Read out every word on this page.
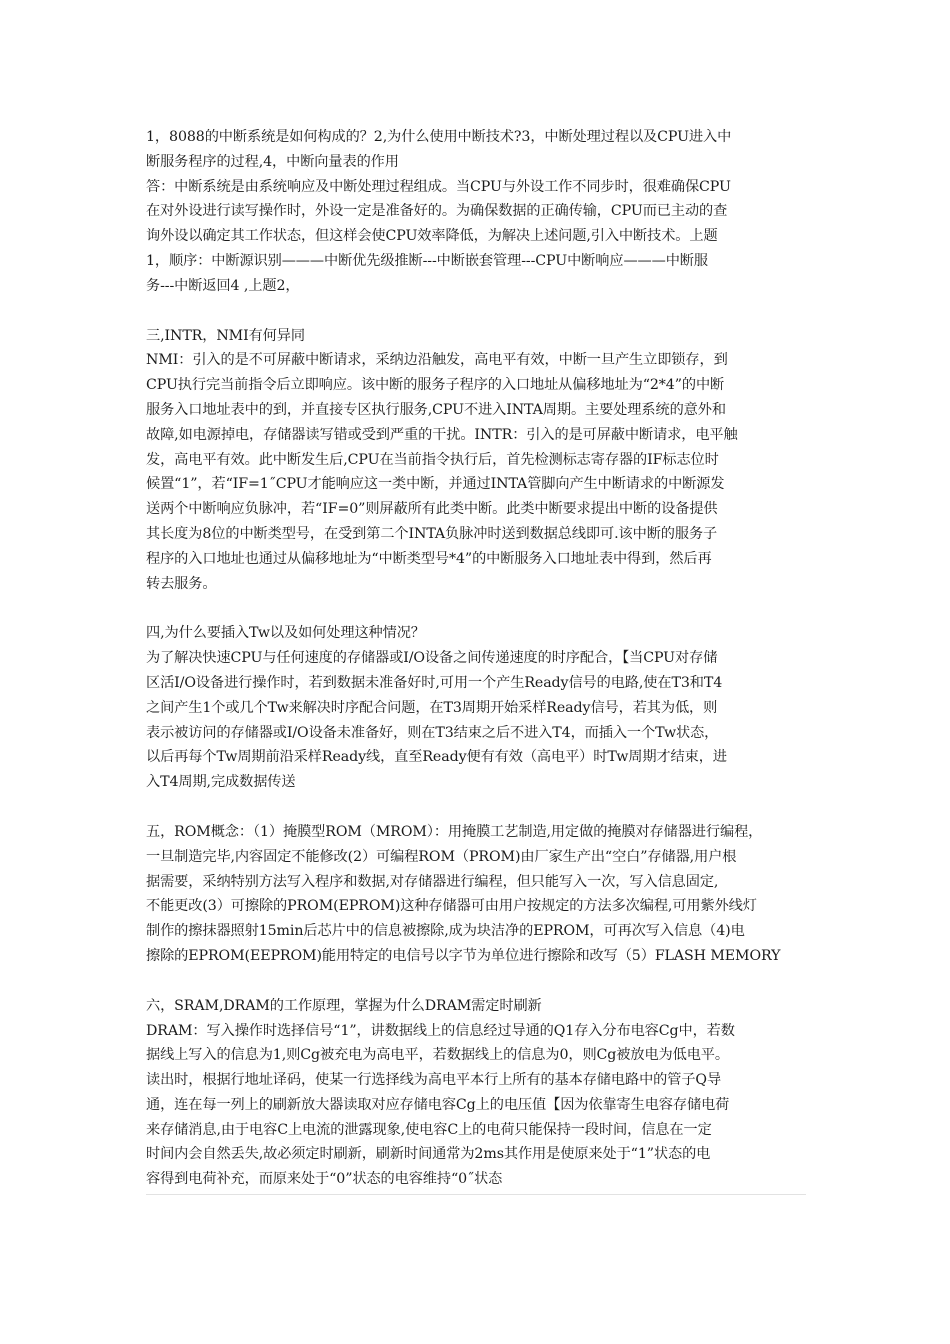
1，8088的中断系统是如何构成的？2,为什么使用中断技术?3，中断处理过程以及CPU进入中
断服务程序的过程,4，中断向量表的作用
答：中断系统是由系统响应及中断处理过程组成。当CPU与外设工作不同步时，很难确保CPU
在对外设进行读写操作时，外设一定是准备好的。为确保数据的正确传输，CPU而已主动的查
询外设以确定其工作状态，但这样会使CPU效率降低，为解决上述问题,引入中断技术。上题
1，顺序：中断源识别———中断优先级推断---中断嵌套管理---CPU中断响应———中断服
务---中断返回4 ,上题2，
三,INTR，NMI有何异同
NMI：引入的是不可屏蔽中断请求，采纳边沿触发，高电平有效，中断一旦产生立即锁存，到
CPU执行完当前指令后立即响应。该中断的服务子程序的入口地址从偏移地址为“2*4”的中断
服务入口地址表中的到，并直接专区执行服务,CPU不进入INTA周期。主要处理系统的意外和
故障,如电源掉电，存储器读写错或受到严重的干扰。INTR：引入的是可屏蔽中断请求，电平触
发，高电平有效。此中断发生后,CPU在当前指令执行后，首先检测标志寄存器的IF标志位时
候置“1”，若“IF=1˝CPU才能响应这一类中断，并通过INTA管脚向产生中断请求的中断源发
送两个中断响应负脉冲，若“IF=0”则屏蔽所有此类中断。此类中断要求提出中断的设备提供
其长度为8位的中断类型号，在受到第二个INTA负脉冲时送到数据总线即可.该中断的服务子
程序的入口地址也通过从偏移地址为“中断类型号*4”的中断服务入口地址表中得到，然后再
转去服务。
四,为什么要插入Tw以及如何处理这种情况？
为了解决快速CPU与任何速度的存储器或I/O设备之间传递速度的时序配合，【当CPU对存储
区活I/O设备进行操作时，若到数据未准备好时,可用一个产生Ready信号的电路,使在T3和T4
之间产生1个或几个Tw来解决时序配合问题，在T3周期开始采样Ready信号，若其为低，则
表示被访问的存储器或I/O设备未准备好，则在T3结束之后不进入T4，而插入一个Tw状态，
以后再每个Tw周期前沿采样Ready线，直至Ready便有有效（高电平）时Tw周期才结束，进
入T4周期,完成数据传送
五，ROM概念：（1）掩膜型ROM（MROM）：用掩膜工艺制造,用定做的掩膜对存储器进行编程，
一旦制造完毕,内容固定不能修改(2）可编程ROM（PROM)由厂家生产出“空白”存储器,用户根
据需要，采纳特别方法写入程序和数据,对存储器进行编程，但只能写入一次，写入信息固定,
不能更改(3）可擦除的PROM(EPROM)这种存储器可由用户按规定的方法多次编程,可用紫外线灯
制作的擦抹器照射15min后芯片中的信息被擦除,成为块洁净的EPROM，可再次写入信息（4)电
擦除的EPROM(EEPROM)能用特定的电信号以字节为单位进行擦除和改写（5）FLASH MEMORY
六，SRAM,DRAM的工作原理，掌握为什么DRAM需定时刷新
DRAM：写入操作时选择信号“1”，讲数据线上的信息经过导通的Q1存入分布电容Cg中，若数
据线上写入的信息为1,则Cg被充电为高电平，若数据线上的信息为0，则Cg被放电为低电平。
读出时，根据行地址译码，使某一行选择线为高电平本行上所有的基本存储电路中的管子Q导
通，连在每一列上的刷新放大器读取对应存储电容Cg上的电压值【因为依靠寄生电容存储电荷
来存储消息,由于电容C上电流的泄露现象,使电容C上的电荷只能保持一段时间，信息在一定
时间内会自然丢失,故必须定时刷新，刷新时间通常为2ms其作用是使原来处于“1”状态的电
容得到电荷补充，而原来处于“0”状态的电容维持“0˝状态
